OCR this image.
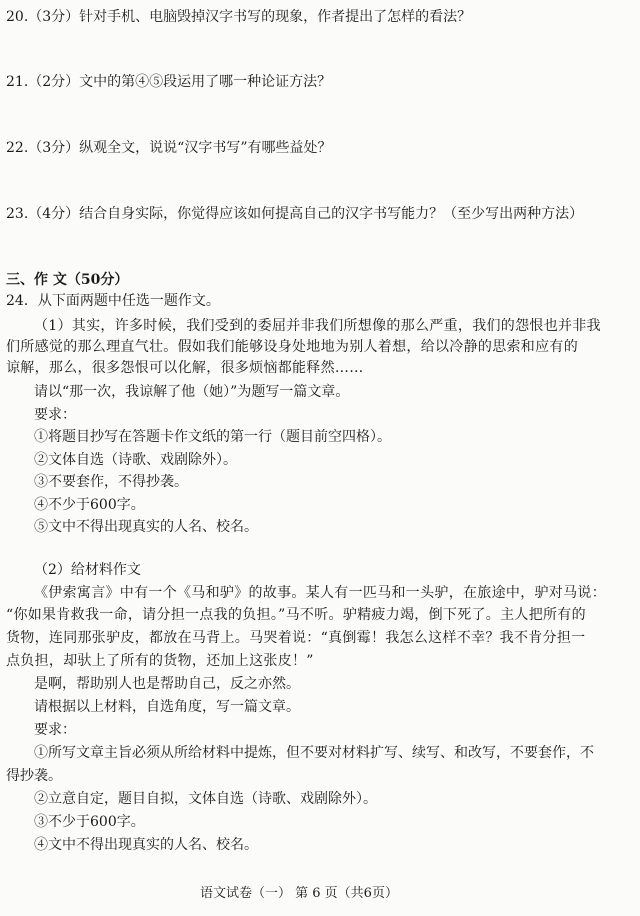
20.（3分）针对手机、电脑毁掉汉字书写的现象，作者提出了怎样的看法？
21.（2分）文中的第④⑤段运用了哪一种论证方法？
22.（3分）纵观全文，说说“汉字书写”有哪些益处？
23.（4分）结合自身实际，你觉得应该如何提高自己的汉字书写能力？（至少写出两种方法）
三、作 文（50分）
24．从下面两题中任选一题作文。
（1）其实，许多时候，我们受到的委屈并非我们所想像的那么严重，我们的怨恨也并非我
们所感觉的那么理直气壮。假如我们能够设身处地地为别人着想，给以冷静的思索和应有的
谅解，那么，很多怨恨可以化解，很多烦恼都能释然……
请以“那一次，我谅解了他（她）”为题写一篇文章。
要求：
①将题目抄写在答题卡作文纸的第一行（题目前空四格）。
②文体自选（诗歌、戏剧除外）。
③不要套作，不得抄袭。
④不少于600字。
⑤文中不得出现真实的人名、校名。
（2）给材料作文
《伊索寓言》中有一个《马和驴》的故事。某人有一匹马和一头驴，在旅途中，驴对马说：
“你如果肯救我一命，请分担一点我的负担。”马不听。驴精疲力竭，倒下死了。主人把所有的
货物，连同那张驴皮，都放在马背上。马哭着说：“真倒霉！我怎么这样不幸？我不肯分担一
点负担，却驮上了所有的货物，还加上这张皮！”
是啊，帮助别人也是帮助自己，反之亦然。
请根据以上材料，自选角度，写一篇文章。
要求：
①所写文章主旨必须从所给材料中提炼，但不要对材料扩写、续写、和改写，不要套作，不
得抄袭。
②立意自定，题目自拟，文体自选（诗歌、戏剧除外）。
③不少于600字。
④文中不得出现真实的人名、校名。
语文试卷（一） 第 6 页（共6页）
